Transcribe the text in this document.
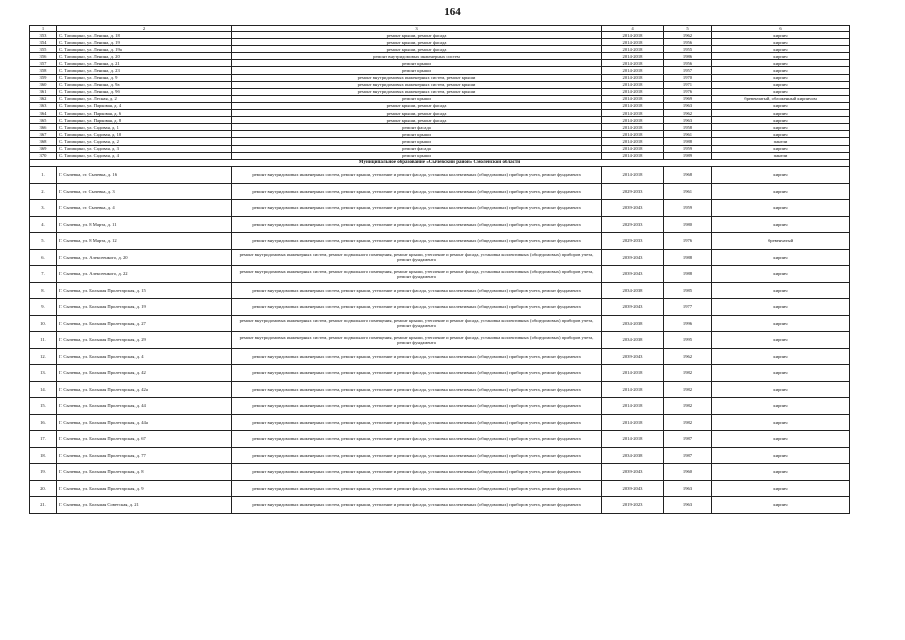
164
1	2	3	4	5	6
353	С. Тапищино, ул. Ленина, д. 18	ремонт крыши, ремонт фасада	2014-2018	1962	кирпич
354	С. Тапищино, ул. Ленина, д. 19	ремонт крыши, ремонт фасада	2014-2018	1956	кирпич
355	С. Тапищино, ул. Ленина, д. 19а	ремонт крыши, ремонт фасада	2014-2018	1955	кирпич
356	С. Тапищино, ул. Ленина, д. 20	ремонт внутридомовых инженерных систем	2014-2018	1986	кирпич
357	С. Тапищино, ул. Ленина, д. 21	ремонт крыши	2014-2018	1956	кирпич
358	С. Тапищино, ул. Ленина, д. 23	ремонт крыши	2014-2018	1957	кирпич
359	С. Тапищино, ул. Ленина, д. 9	ремонт внутридомовых инженерных систем, ремонт крыши	2014-2018	1970	кирпич
360	С. Тапищино, ул. Ленина, д. 9а	ремонт внутридомовых инженерных систем, ремонт крыши	2014-2018	1971	кирпич
361	С. Тапищино, ул. Ленина, д. 9б	ремонт внутридомовых инженерных систем, ремонт крыши	2014-2018	1976	кирпич
362	С. Тапищино, ул. Лесная, д. 2	ремонт крыши	2014-2018	1969	бревенчатый, обложенный кирпичом
363	С. Тапищино, ул. Парковая, д. 4	ремонт крыши, ремонт фасада	2014-2018	1963	кирпич
364	С. Тапищино, ул. Парковая, д. 6	ремонт крыши, ремонт фасада	2014-2018	1962	кирпич
365	С. Тапищино, ул. Парковая, д. 8	ремонт крыши, ремонт фасада	2014-2018	1963	кирпич
366	С. Тапищино, ул. Садовая, д. 1	ремонт фасада	2014-2018	1958	кирпич
367	С. Тапищино, ул. Садовая, д. 10	ремонт крыши	2014-2018	1961	кирпич
368	С. Тапищино, ул. Садовая, д. 2	ремонт крыши	2014-2018	1988	панели
369	С. Тапищино, ул. Садовая, д. 3	ремонт фасада	2014-2018	1959	кирпич
370	С. Тапищино, ул. Садовая, д. 4	ремонт крыши	2014-2018	1989	панели
Муниципальное образование «Сычевский район» Смоленской области					
1.	Г. Сычевка, ст. Сычевка, д. 16	ремонт внутридомовых инженерных систем, ремонт крыши, утепление и ремонт фасада, установка коллективных (общедомовых) приборов учета, ремонт фундамента	2014-2018	1968	кирпич
2.	Г. Сычевка, ст. Сычевка, д. 3	ремонт внутридомовых инженерных систем, ремонт крыши, утепление и ремонт фасада, установка коллективных (общедомовых) приборов учета, ремонт фундамента	2029-2033	1961	кирпич
3.	Г. Сычевка, ст. Сычевка, д. 4	ремонт внутридомовых инженерных систем, ремонт крыши, утепление и ремонт фасада, установка коллективных (общедомовых) приборов учета, ремонт фундамента	2039-2043	1959	кирпич
4.	Г. Сычевка, ул. 8 Марта, д. 11	ремонт внутридомовых инженерных систем, ремонт крыши, утепление и ремонт фасада, установка коллективных (общедомовых) приборов учета, ремонт фундамента	2029-2033	1980	кирпич
5.	Г. Сычевка, ул. 8 Марта, д. 12	ремонт внутридомовых инженерных систем, ремонт крыши, утепление и ремонт фасада, установка коллективных (общедомовых) приборов учета, ремонт фундамента	2029-2033	1976	бревенчатый
6.	Г. Сычевка, ул. Алексеенкого, д. 20	ремонт внутридомовых инженерных систем, ремонт подвального помещения, ремонт крыши, утепление и ремонт фасада, установка коллективных (общедомовых) приборов учета, ремонт фундамента	2039-2043	1988	кирпич
7.	Г. Сычевка, ул. Алексеенкого, д. 22	ремонт внутридомовых инженерных систем, ремонт подвального помещения, ремонт крыши, утепление и ремонт фасада, установка коллективных (общедомовых) приборов учета, ремонт фундамента	2039-2043	1988	кирпич
8.	Г. Сычевка, ул. Большая Пролетарская, д. 15	ремонт внутридомовых инженерных систем, ремонт крыши, утепление и ремонт фасада, установка коллективных (общедомовых) приборов учета, ремонт фундамента	2034-2038	1985	кирпич
9.	Г. Сычевка, ул. Большая Пролетарская, д. 19	ремонт внутридомовых инженерных систем, ремонт крыши, утепление и ремонт фасада, установка коллективных (общедомовых) приборов учета, ремонт фундамента	2039-2043	1977	кирпич
10.	Г. Сычевка, ул. Большая Пролетарская, д. 27	ремонт внутридомовых инженерных систем, ремонт подвального помещения, ремонт крыши, утепление и ремонт фасада, установка коллективных (общедомовых) приборов учета, ремонт фундамента	2034-2038	1996	кирпич
11.	Г. Сычевка, ул. Большая Пролетарская, д. 29	ремонт внутридомовых инженерных систем, ремонт подвального помещения, ремонт крыши, утепление и ремонт фасада, установка коллективных (общедомовых) приборов учета, ремонт фундамента	2034-2038	1995	кирпич
12.	Г. Сычевка, ул. Большая Пролетарская, д. 4	ремонт внутридомовых инженерных систем, ремонт крыши, утепление и ремонт фасада, установка коллективных (общедомовых) приборов учета, ремонт фундамента	2039-2043	1962	кирпич
13.	Г. Сычевка, ул. Большая Пролетарская, д. 42	ремонт внутридомовых инженерных систем, ремонт крыши, утепление и ремонт фасада, установка коллективных (общедомовых) приборов учета, ремонт фундамента	2014-2018	1982	кирпич
14.	Г. Сычевка, ул. Большая Пролетарская, д. 42а	ремонт внутридомовых инженерных систем, ремонт крыши, утепление и ремонт фасада, установка коллективных (общедомовых) приборов учета, ремонт фундамента	2014-2018	1982	кирпич
15.	Г. Сычевка, ул. Большая Пролетарская, д. 44	ремонт внутридомовых инженерных систем, ремонт крыши, утепление и ремонт фасада, установка коллективных (общедомовых) приборов учета, ремонт фундамента	2014-2018	1982	кирпич
16.	Г. Сычевка, ул. Большая Пролетарская, д. 44а	ремонт внутридомовых инженерных систем, ремонт крыши, утепление и ремонт фасада, установка коллективных (общедомовых) приборов учета, ремонт фундамента	2014-2018	1982	кирпич
17.	Г. Сычевка, ул. Большая Пролетарская, д. 67	ремонт внутридомовых инженерных систем, ремонт крыши, утепление и ремонт фасада, установка коллективных (общедомовых) приборов учета, ремонт фундамента	2014-2018	1987	кирпич
18.	Г. Сычевка, ул. Большая Пролетарская, д. 77	ремонт внутридомовых инженерных систем, ремонт крыши, утепление и ремонт фасада, установка коллективных (общедомовых) приборов учета, ремонт фундамента	2034-2038	1987	кирпич
19.	Г. Сычевка, ул. Большая Пролетарская, д. 8	ремонт внутридомовых инженерных систем, ремонт крыши, утепление и ремонт фасада, установка коллективных (общедомовых) приборов учета, ремонт фундамента	2039-2043	1960	кирпич
20.	Г. Сычевка, ул. Большая Пролетарская, д. 9	ремонт внутридомовых инженерных систем, ремонт крыши, утепление и ремонт фасада, установка коллективных (общедомовых) приборов учета, ремонт фундамента	2039-2043	1963	кирпич
21.	Г. Сычевка, ул. Большая Советская, д. 21	ремонт внутридомовых инженерных систем, ремонт крыши, утепление и ремонт фасада, установка коллективных (общедомовых) приборов учета, ремонт фундамента	2019-2023	1963	кирпич
